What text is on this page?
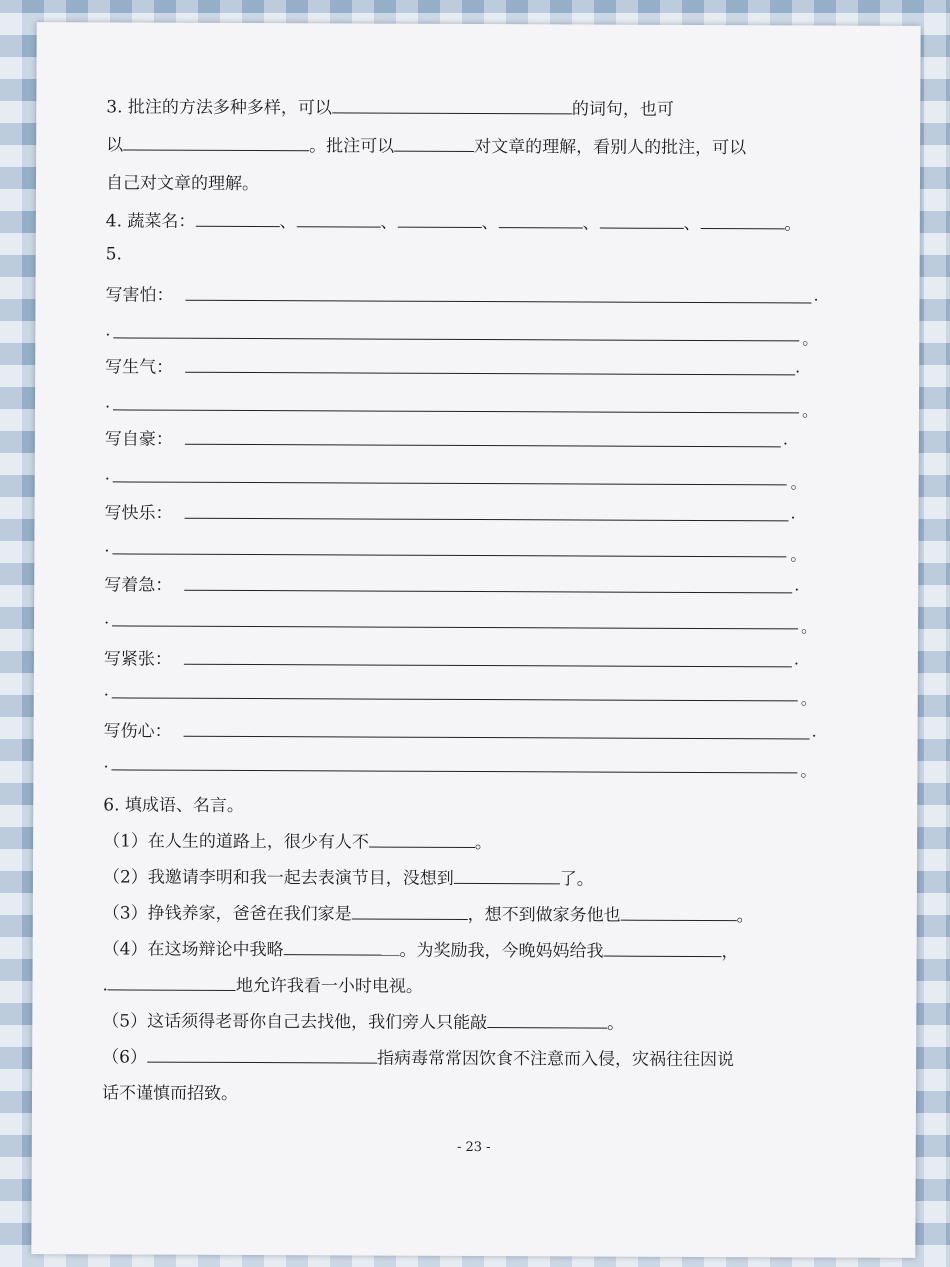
3. 批注的方法多种多样，可以	的词句，也可
以	。批注可以	对文章的理解，看别人的批注，可以
自己对文章的理解。
4. 蔬菜名：	、	、	、	、	、	。
5.
写害怕：	.
.	。
写生气：	.
.	。
写自豪：	.
.	。
写快乐：	.
.	。
写着急：	.
.	。
写紧张：	.
.	。
写伤心：	.
.	。
6. 填成语、名言。
（1）在人生的道路上，很少有人不	。
（2）我邀请李明和我一起去表演节目，没想到	了。
（3）挣钱养家，爸爸在我们家是	，想不到做家务他也	。
（4）在这场辩论中我略	。为奖励我，今晚妈妈给我	，
.	地允许我看一小时电视。
（5）这话须得老哥你自己去找他，我们旁人只能敲	。
（6）	指病毒常常因饮食不注意而入侵，灾祸往往因说
话不谨慎而招致。
- 23 -
